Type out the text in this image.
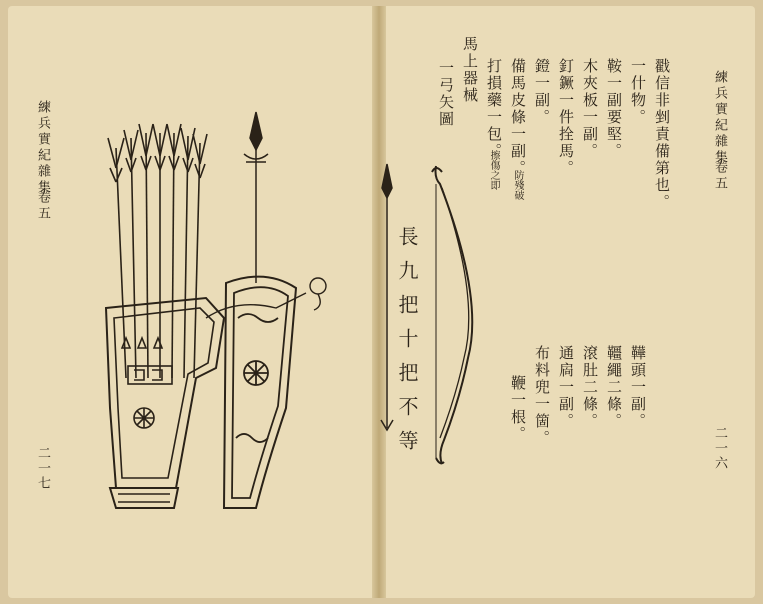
練兵實紀雜集
卷五
二一七
練兵實紀雜集
卷五
二一六
戳信非剉責備第也。
一什物。
鞍一副要堅。
木夾板一副。
釘鐝一件拴馬。
鐙一副。
備馬皮條一副。
防殘破
打損藥一包。
擦傷之即
鞾頭一副。
韁繩二條。
滾肚二條。
通扄一副。
布料兜一箇。
鞭一根。
馬上器械
一弓矢圖
長九把十把不等
